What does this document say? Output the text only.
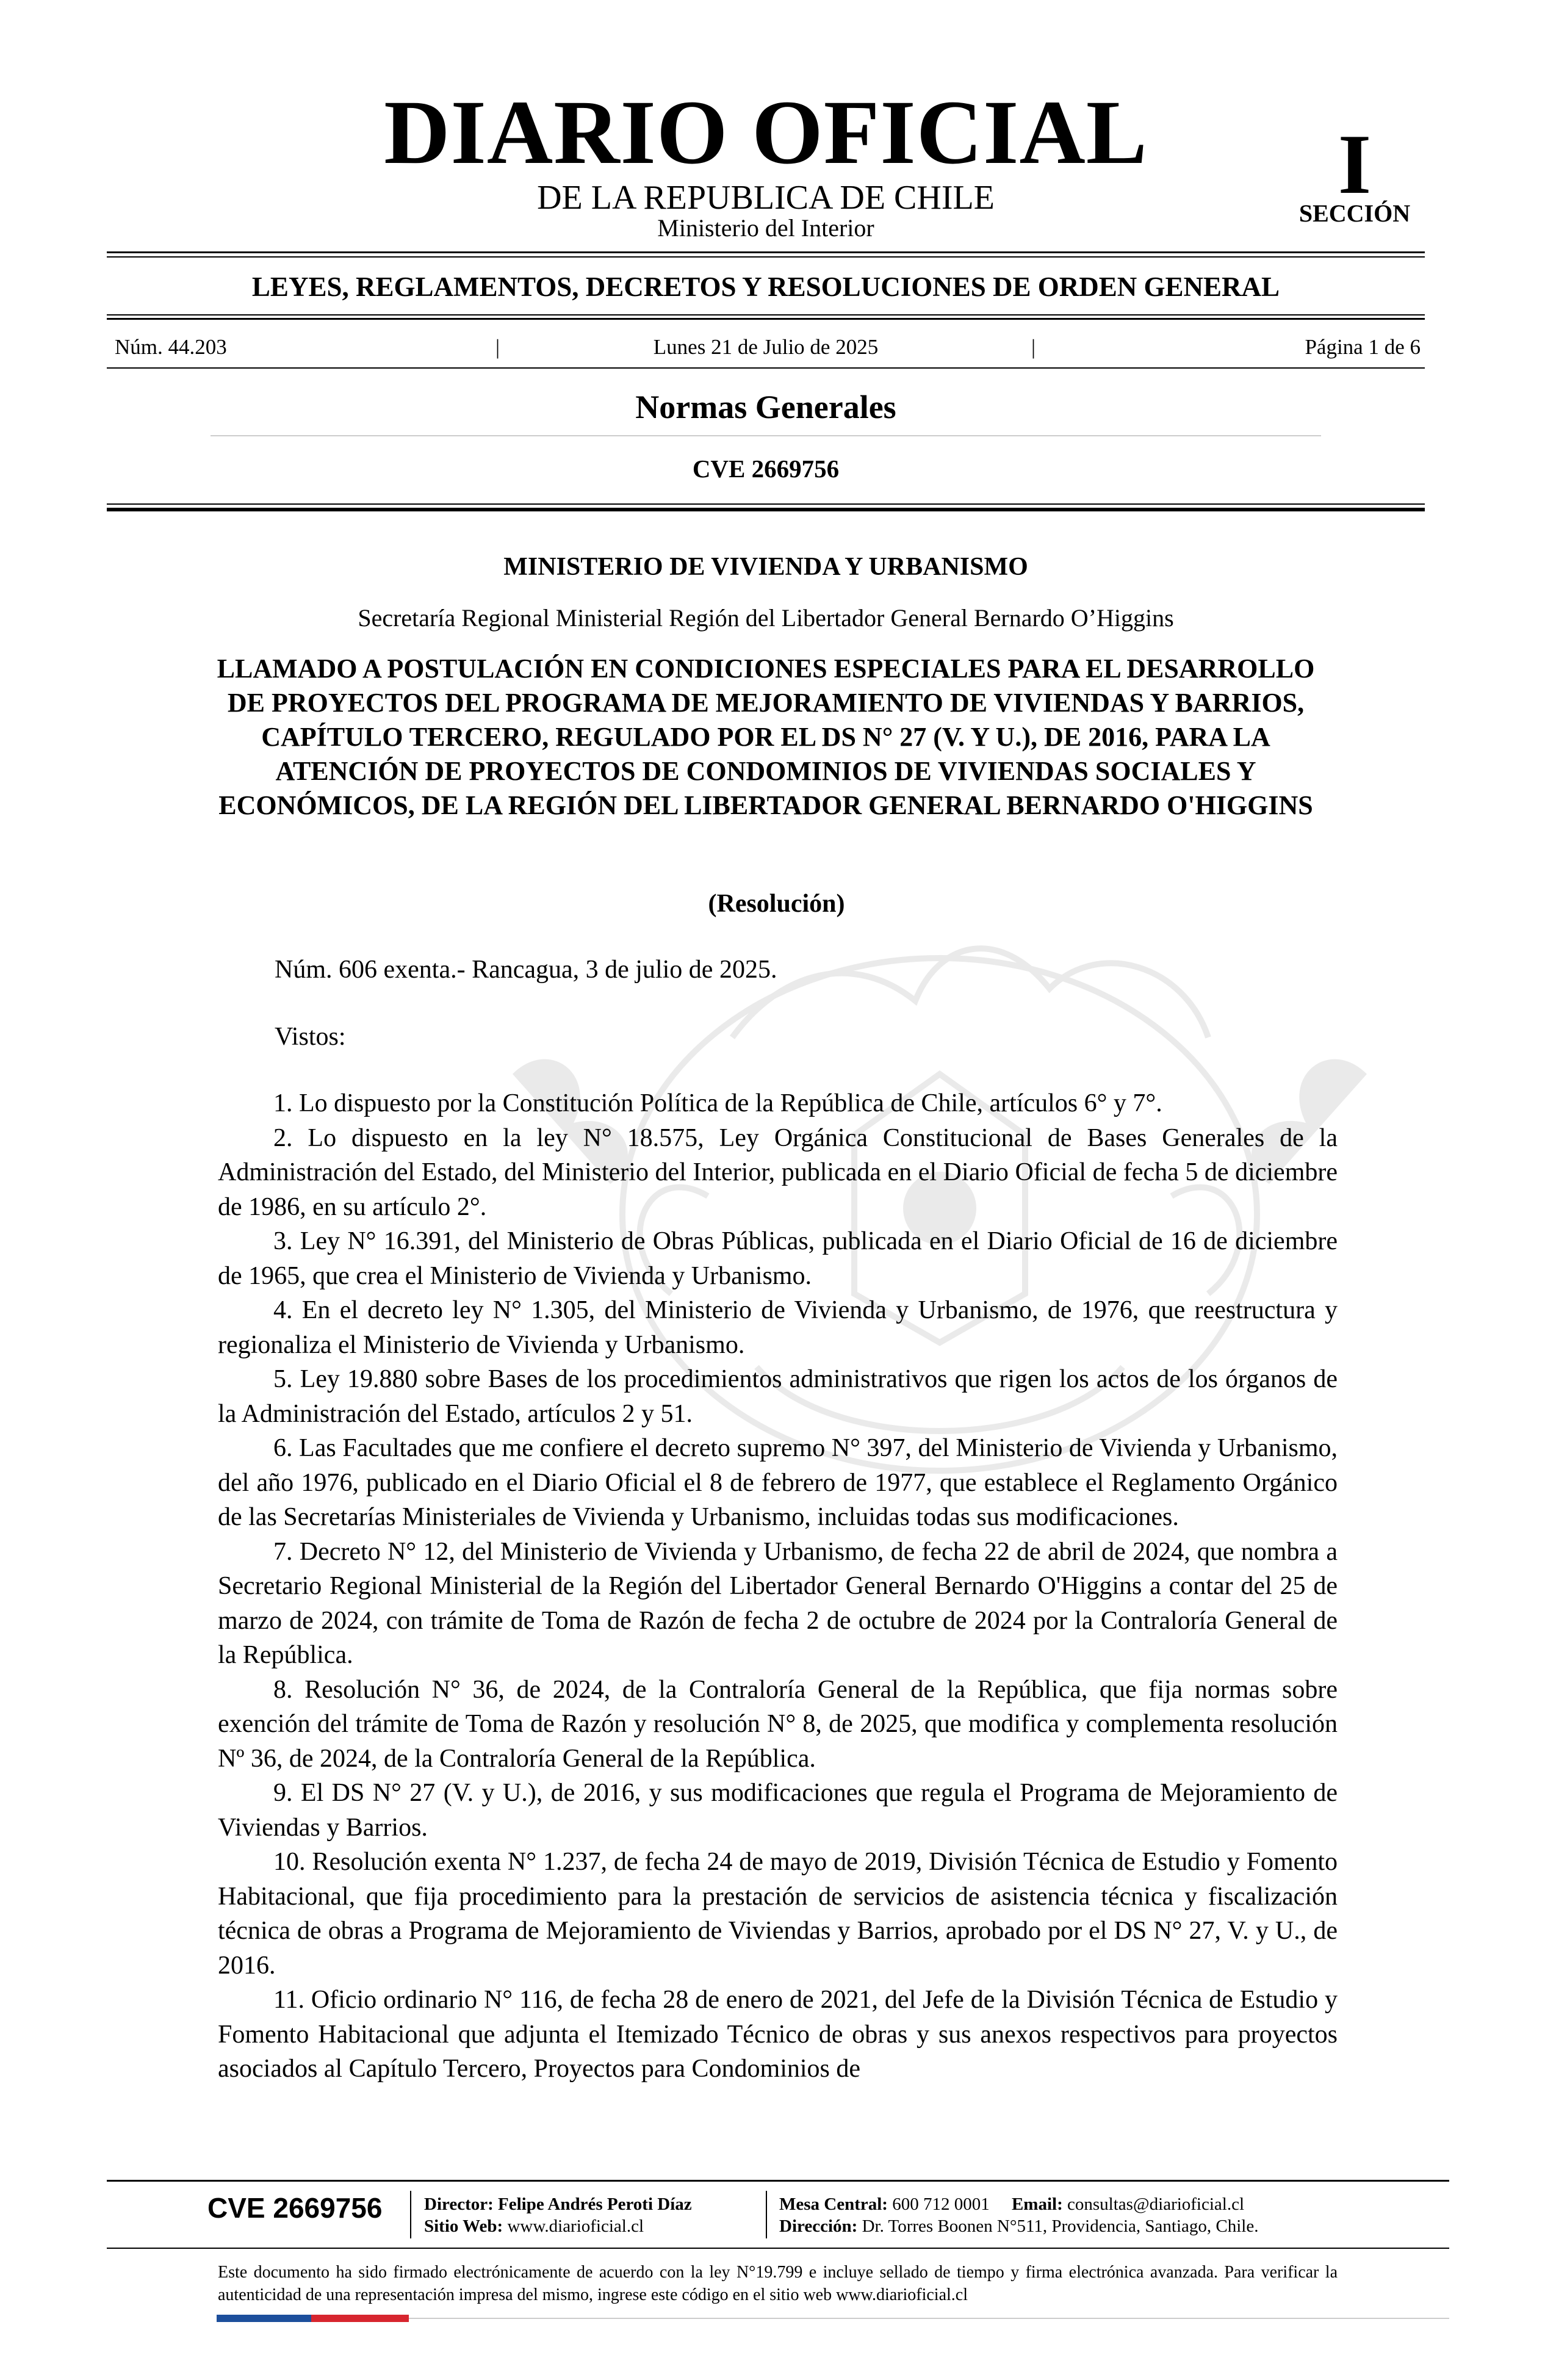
DIARIO OFICIAL
DE LA REPUBLICA DE CHILE
Ministerio del Interior
I
SECCIÓN
LEYES, REGLAMENTOS, DECRETOS Y RESOLUCIONES DE ORDEN GENERAL
Núm. 44.203	|	Lunes 21 de Julio de 2025	|	Página 1 de 6
Normas Generales
CVE 2669756
MINISTERIO DE VIVIENDA Y URBANISMO
Secretaría Regional Ministerial Región del Libertador General Bernardo O’Higgins
LLAMADO A POSTULACIÓN EN CONDICIONES ESPECIALES PARA EL DESARROLLO DE PROYECTOS DEL PROGRAMA DE MEJORAMIENTO DE VIVIENDAS Y BARRIOS, CAPÍTULO TERCERO, REGULADO POR EL DS N° 27 (V. Y U.), DE 2016, PARA LA ATENCIÓN DE PROYECTOS DE CONDOMINIOS DE VIVIENDAS SOCIALES Y ECONÓMICOS, DE LA REGIÓN DEL LIBERTADOR GENERAL BERNARDO O'HIGGINS
(Resolución)
Núm. 606 exenta.- Rancagua, 3 de julio de 2025.
Vistos:

1. Lo dispuesto por la Constitución Política de la República de Chile, artículos 6° y 7°.

2. Lo dispuesto en la ley N° 18.575, Ley Orgánica Constitucional de Bases Generales de la Administración del Estado, del Ministerio del Interior, publicada en el Diario Oficial de fecha 5 de diciembre de 1986, en su artículo 2°.

3. Ley N° 16.391, del Ministerio de Obras Públicas, publicada en el Diario Oficial de 16 de diciembre de 1965, que crea el Ministerio de Vivienda y Urbanismo.

4. En el decreto ley N° 1.305, del Ministerio de Vivienda y Urbanismo, de 1976, que reestructura y regionaliza el Ministerio de Vivienda y Urbanismo.

5. Ley 19.880 sobre Bases de los procedimientos administrativos que rigen los actos de los órganos de la Administración del Estado, artículos 2 y 51.

6. Las Facultades que me confiere el decreto supremo N° 397, del Ministerio de Vivienda y Urbanismo, del año 1976, publicado en el Diario Oficial el 8 de febrero de 1977, que establece el Reglamento Orgánico de las Secretarías Ministeriales de Vivienda y Urbanismo, incluidas todas sus modificaciones.

7. Decreto N° 12, del Ministerio de Vivienda y Urbanismo, de fecha 22 de abril de 2024, que nombra a Secretario Regional Ministerial de la Región del Libertador General Bernardo O'Higgins a contar del 25 de marzo de 2024, con trámite de Toma de Razón de fecha 2 de octubre de 2024 por la Contraloría General de la República.

8. Resolución N° 36, de 2024, de la Contraloría General de la República, que fija normas sobre exención del trámite de Toma de Razón y resolución N° 8, de 2025, que modifica y complementa resolución Nº 36, de 2024, de la Contraloría General de la República.

9. El DS N° 27 (V. y U.), de 2016, y sus modificaciones que regula el Programa de Mejoramiento de Viviendas y Barrios.

10. Resolución exenta N° 1.237, de fecha 24 de mayo de 2019, División Técnica de Estudio y Fomento Habitacional, que fija procedimiento para la prestación de servicios de asistencia técnica y fiscalización técnica de obras a Programa de Mejoramiento de Viviendas y Barrios, aprobado por el DS N° 27, V. y U., de 2016.

11. Oficio ordinario N° 116, de fecha 28 de enero de 2021, del Jefe de la División Técnica de Estudio y Fomento Habitacional que adjunta el Itemizado Técnico de obras y sus anexos respectivos para proyectos asociados al Capítulo Tercero, Proyectos para Condominios de

CVE 2669756 Director: Felipe Andrés Peroti Díaz
Sitio Web: www.diarioficial.cl
Mesa Central: 600 712 0001 Email: consultas@diarioficial.cl
Dirección: Dr. Torres Boonen N°511, Providencia, Santiago, Chile.
Este documento ha sido firmado electrónicamente de acuerdo con la ley N°19.799 e incluye sellado de tiempo y firma electrónica avanzada. Para verificar la autenticidad de una representación impresa del mismo, ingrese este código en el sitio web www.diarioficial.cl
